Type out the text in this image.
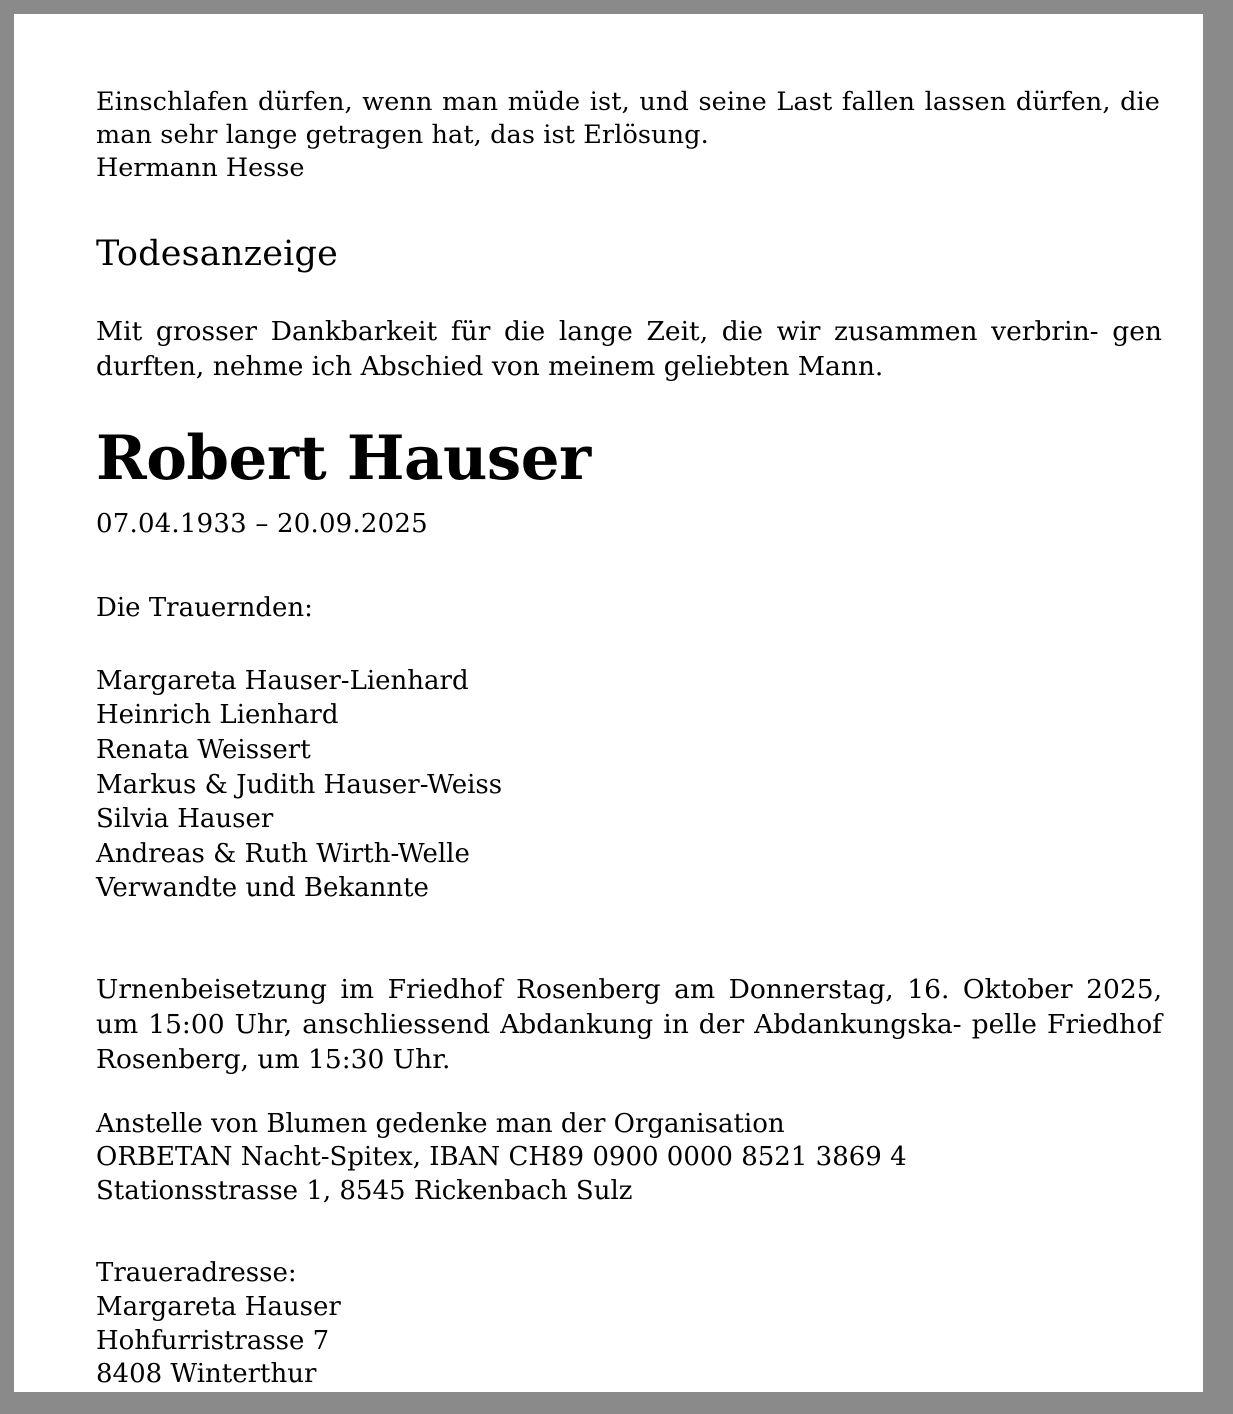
Einschlafen dürfen, wenn man müde ist, und seine Last fallen lassen dürfen, die man sehr lange getragen hat, das ist Erlösung.

Hermann Hesse

Todesanzeige

Mit grosser Dankbarkeit für die lange Zeit, die wir zusammen verbrin- gen durften, nehme ich Abschied von meinem geliebten Mann.

Robert Hauser
07.04.1933 – 20.09.2025
Die Trauernden:
Margareta Hauser-Lienhard
Heinrich Lienhard
Renata Weissert
Markus & Judith Hauser-Weiss
Silvia Hauser
Andreas & Ruth Wirth-Welle
Verwandte und Bekannte

Urnenbeisetzung im Friedhof Rosenberg am Donnerstag, 16. Oktober 2025, um 15:00 Uhr, anschliessend Abdankung in der Abdankungska- pelle Friedhof Rosenberg, um 15:30 Uhr.

Anstelle von Blumen gedenke man der Organisation
ORBETAN Nacht-Spitex, IBAN CH89 0900 0000 8521 3869 4
Stationsstrasse 1, 8545 Rickenbach Sulz
Traueradresse:
Margareta Hauser
Hohfurristrasse 7
8408 Winterthur
